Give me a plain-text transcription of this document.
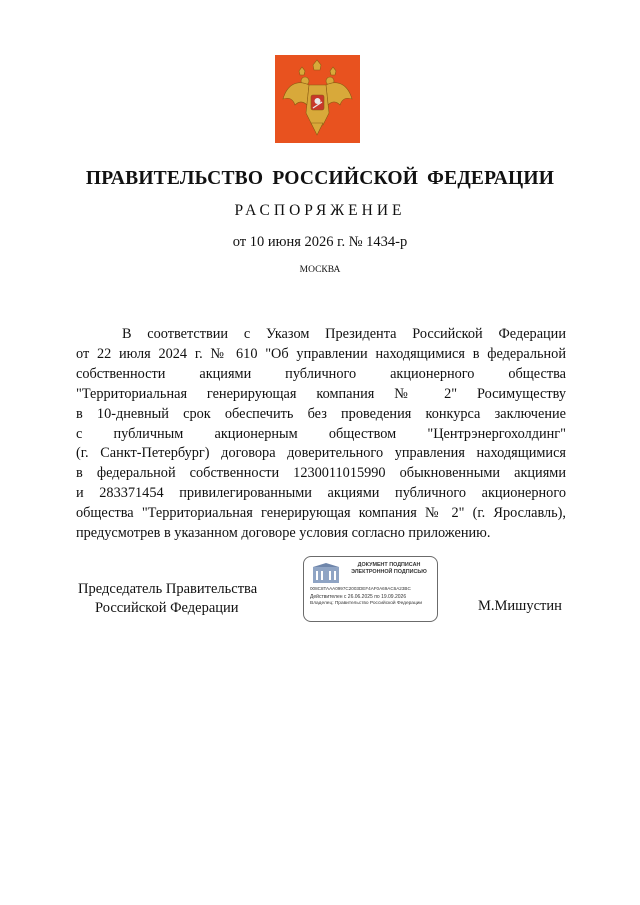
ПРАВИТЕЛЬСТВО РОССИЙСКОЙ ФЕДЕРАЦИИ
РАСПОРЯЖЕНИЕ
от 10 июня 2026 г. № 1434-р
МОСКВА
В соответствии с Указом Президента Российской Федерации
от 22 июля 2024 г. № 610 "Об управлении находящимися в федеральной
собственности акциями публичного акционерного общества
"Территориальная генерирующая компания № 2" Росимуществу
в 10-дневный срок обеспечить без проведения конкурса заключение
с публичным акционерным обществом "Центрэнергохолдинг"
(г. Санкт-Петербург) договора доверительного управления находящимися
в федеральной собственности 1230011015990 обыкновенными акциями
и 283371454 привилегированными акциями публичного акционерного
общества "Территориальная генерирующая компания № 2" (г. Ярославль),
предусмотрев в указанном договоре условия согласно приложению.
Председатель Правительства
Российской Федерации
ДОКУМЕНТ ПОДПИСАН
ЭЛЕКТРОННОЙ ПОДПИСЬЮ
008C8TAAA0997C2003DEF4AF0A69AC6A23BC
Действителен с 26.06.2025 по 19.09.2026
Владелец: Правительство Российской Федерации	М.Мишустин
